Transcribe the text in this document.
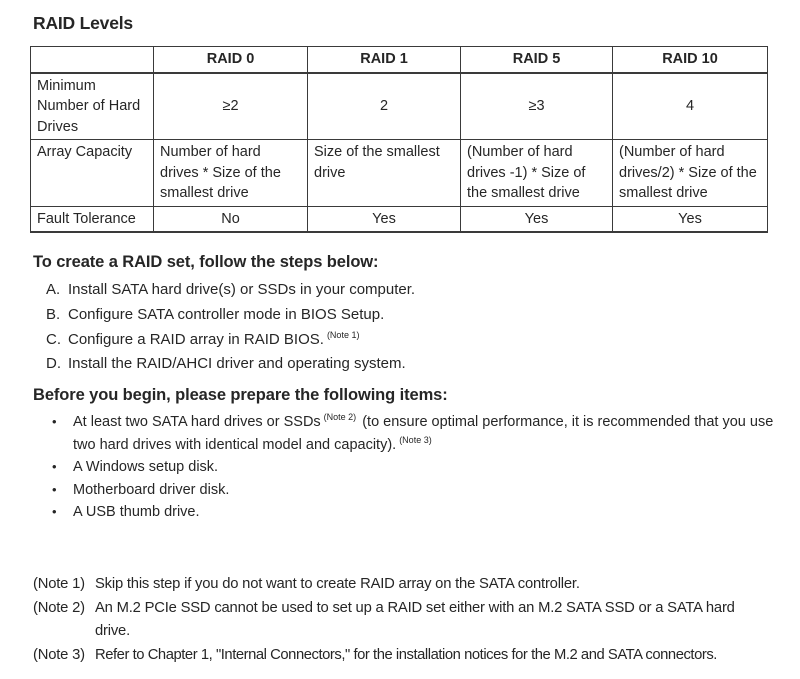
RAID Levels
	RAID 0	RAID 1	RAID 5	RAID 10
Minimum Number of Hard Drives	≥2	2	≥3	4
Array Capacity	Number of hard drives * Size of the smallest drive	Size of the smallest drive	(Number of hard drives -1) * Size of the smallest drive	(Number of hard drives/2) * Size of the smallest drive
Fault Tolerance	No	Yes	Yes	Yes
To create a RAID set, follow the steps below:
A. Install SATA hard drive(s) or SSDs in your computer.
B. Configure SATA controller mode in BIOS Setup.
C. Configure a RAID array in RAID BIOS. $^{(Note 1)}$
D. Install the RAID/AHCI driver and operating system.
Before you begin, please prepare the following items:
•	At least two SATA hard drives or SSDs $^{(Note 2)}$ (to ensure optimal performance, it is recommended that you use two hard drives with identical model and capacity). $^{(Note 3)}$
•	A Windows setup disk.
•	Motherboard driver disk.
•	A USB thumb drive.
(Note 1) Skip this step if you do not want to create RAID array on the SATA controller.
(Note 2) An M.2 PCIe SSD cannot be used to set up a RAID set either with an M.2 SATA SSD or a SATA hard drive.
(Note 3) Refer to Chapter 1, "Internal Connectors," for the installation notices for the M.2 and SATA connectors.
